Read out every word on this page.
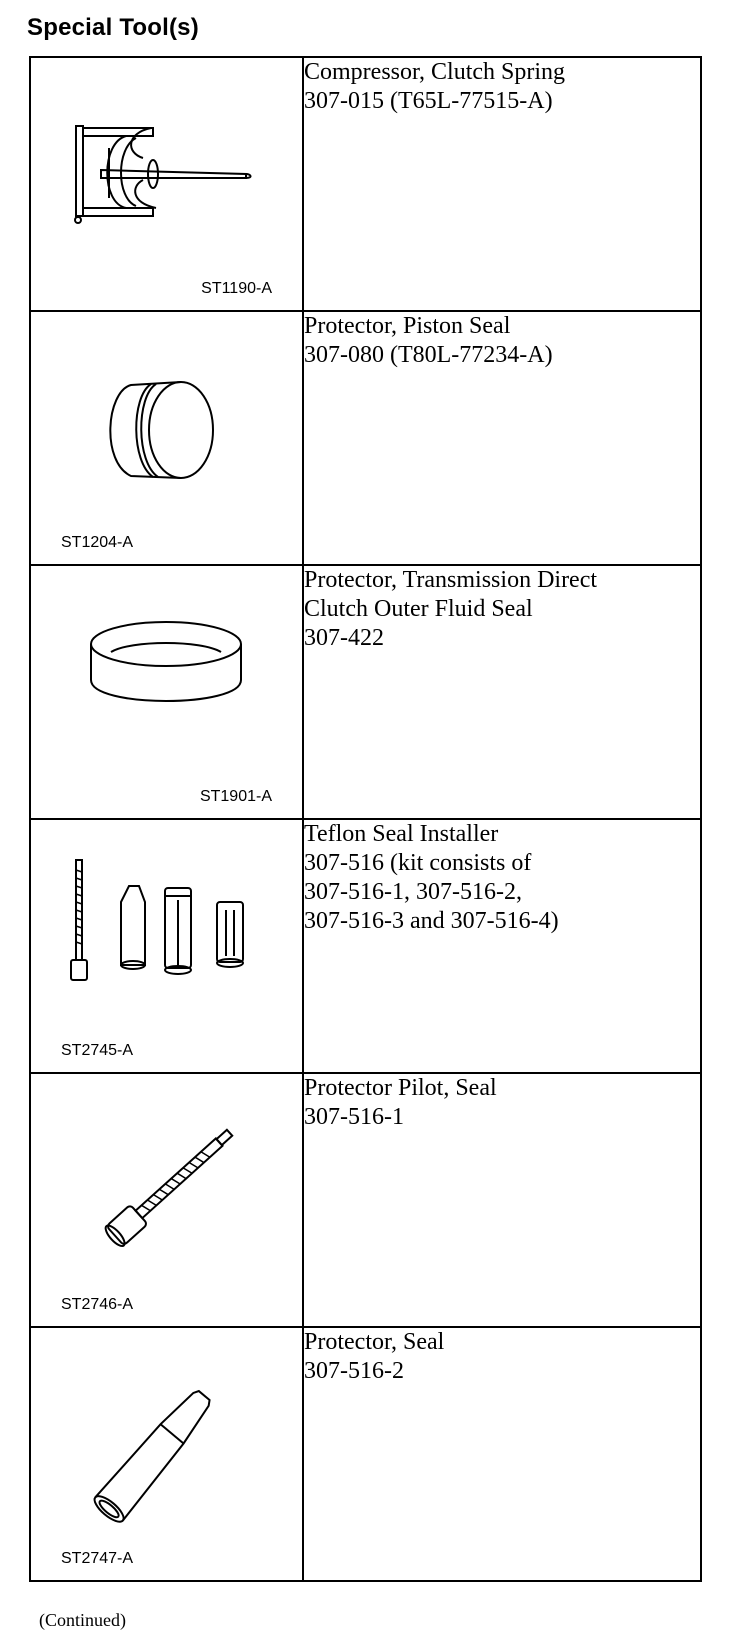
Special Tool(s)
ST1190-A	Compressor, Clutch Spring
307-015 (T65L-77515-A)

ST1204-A	Protector, Piston Seal
307-080 (T80L-77234-A)

ST1901-A	Protector, Transmission Direct
Clutch Outer Fluid Seal
307-422

ST2745-A	Teflon Seal Installer
307-516 (kit consists of
307-516-1, 307-516-2,
307-516-3 and 307-516-4)

ST2746-A	Protector Pilot, Seal
307-516-1

ST2747-A	Protector, Seal
307-516-2
(Continued)
